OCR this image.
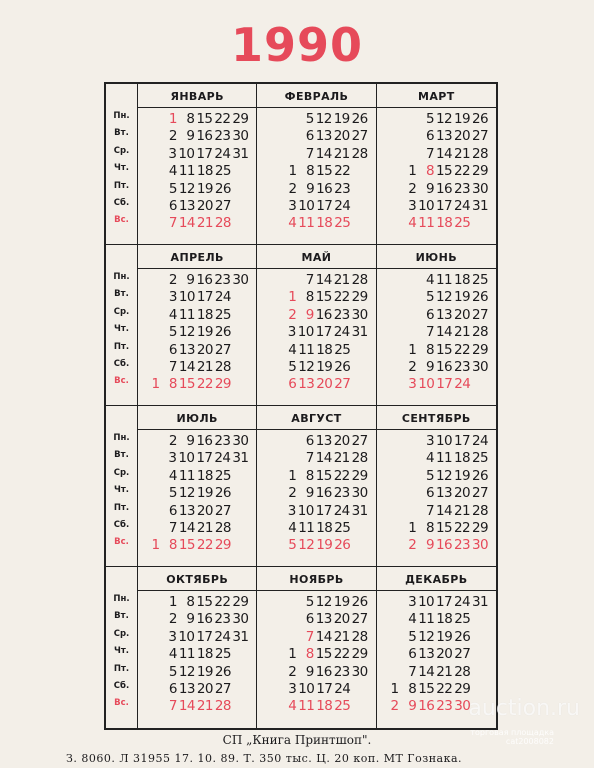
1990
Пн.
Вт.
Ср.
Чт.
Пт.
Сб.
Вс.
ЯНВАРЬ
1 8 15 22 29
2 9 16 23 30
3 10 17 24 31
4 11 18 25
5 12 19 26
6 13 20 27
7 14 21 28
ФЕВРАЛЬ
5 12 19 26
6 13 20 27
7 14 21 28
1 8 15 22
2 9 16 23
3 10 17 24
4 11 18 25
МАРТ
5 12 19 26
6 13 20 27
7 14 21 28
1 8 15 22 29
2 9 16 23 30
3 10 17 24 31
4 11 18 25
Пн.
Вт.
Ср.
Чт.
Пт.
Сб.
Вс.
АПРЕЛЬ
2 9 16 23 30
3 10 17 24
4 11 18 25
5 12 19 26
6 13 20 27
7 14 21 28
1 8 15 22 29
МАЙ
7 14 21 28
1 8 15 22 29
2 9 16 23 30
3 10 17 24 31
4 11 18 25
5 12 19 26
6 13 20 27
ИЮНЬ
4 11 18 25
5 12 19 26
6 13 20 27
7 14 21 28
1 8 15 22 29
2 9 16 23 30
3 10 17 24
Пн.
Вт.
Ср.
Чт.
Пт.
Сб.
Вс.
ИЮЛЬ
2 9 16 23 30
3 10 17 24 31
4 11 18 25
5 12 19 26
6 13 20 27
7 14 21 28
1 8 15 22 29
АВГУСТ
6 13 20 27
7 14 21 28
1 8 15 22 29
2 9 16 23 30
3 10 17 24 31
4 11 18 25
5 12 19 26
СЕНТЯБРЬ
3 10 17 24
4 11 18 25
5 12 19 26
6 13 20 27
7 14 21 28
1 8 15 22 29
2 9 16 23 30
Пн.
Вт.
Ср.
Чт.
Пт.
Сб.
Вс.
ОКТЯБРЬ
1 8 15 22 29
2 9 16 23 30
3 10 17 24 31
4 11 18 25
5 12 19 26
6 13 20 27
7 14 21 28
НОЯБРЬ
5 12 19 26
6 13 20 27
7 14 21 28
1 8 15 22 29
2 9 16 23 30
3 10 17 24
4 11 18 25
ДЕКАБРЬ
3 10 17 24 31
4 11 18 25
5 12 19 26
6 13 20 27
7 14 21 28
1 8 15 22 29
2 9 16 23 30
СП „Книга Принтшоп".
З. 8060. Л 31955 17. 10. 89. Т. 350 тыс. Ц. 20 коп. МТ Гознака.
auction.ru
торговая площадка
cat2008082
